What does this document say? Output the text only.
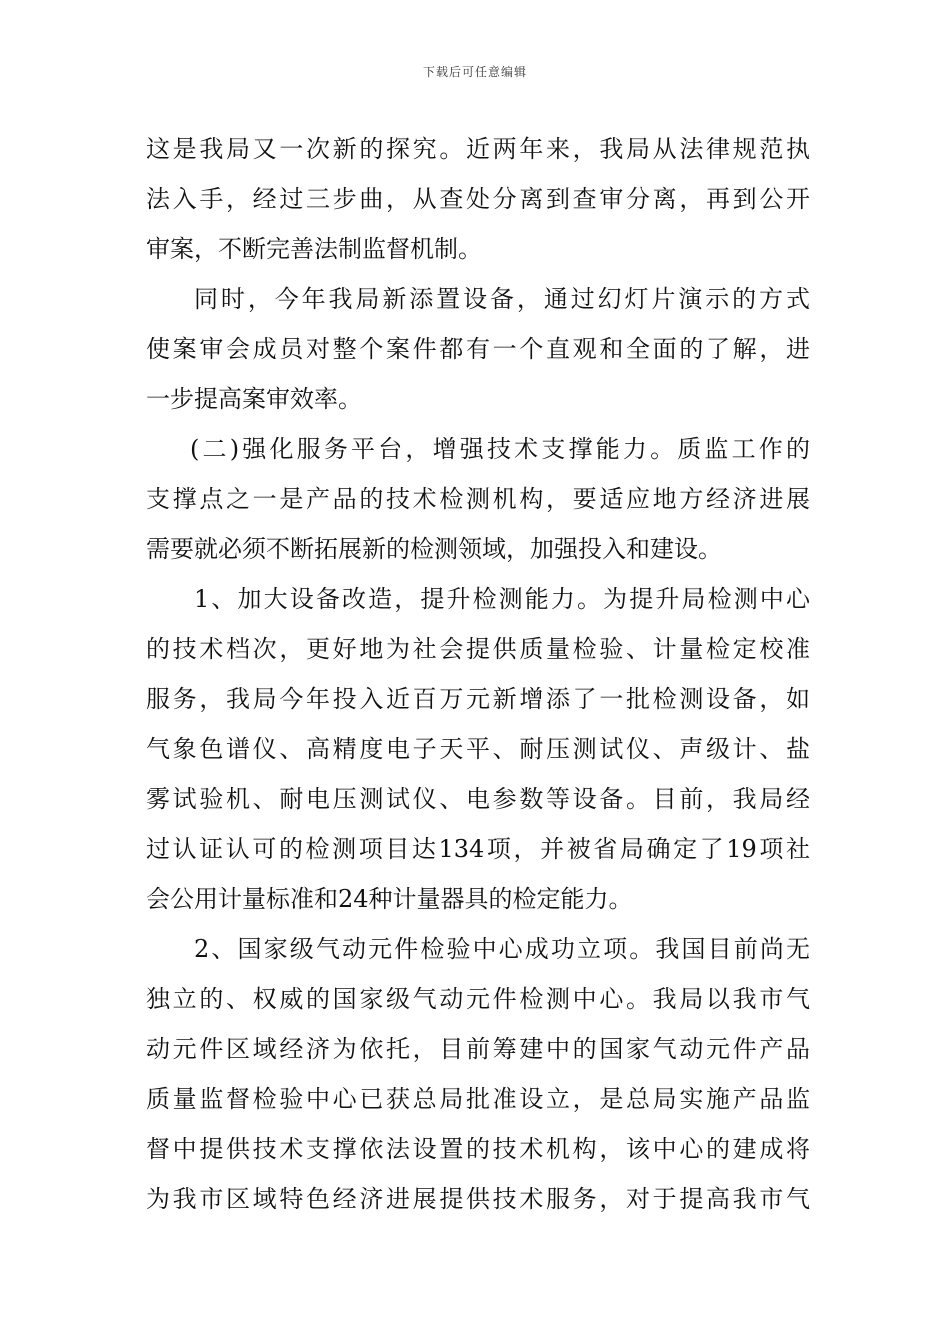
下载后可任意编辑
这是我局又一次新的探究。近两年来，我局从法律规范执
法入手，经过三步曲，从查处分离到查审分离，再到公开
审案，不断完善法制监督机制。
同时，今年我局新添置设备，通过幻灯片演示的方式
使案审会成员对整个案件都有一个直观和全面的了解，进
一步提高案审效率。
(二)强化服务平台，增强技术支撑能力。质监工作的
支撑点之一是产品的技术检测机构，要适应地方经济进展
需要就必须不断拓展新的检测领域，加强投入和建设。
1、加大设备改造，提升检测能力。为提升局检测中心
的技术档次，更好地为社会提供质量检验、计量检定校准
服务，我局今年投入近百万元新增添了一批检测设备，如
气象色谱仪、高精度电子天平、耐压测试仪、声级计、盐
雾试验机、耐电压测试仪、电参数等设备。目前，我局经
过认证认可的检测项目达134项，并被省局确定了19项社
会公用计量标准和24种计量器具的检定能力。
2、国家级气动元件检验中心成功立项。我国目前尚无
独立的、权威的国家级气动元件检测中心。我局以我市气
动元件区域经济为依托，目前筹建中的国家气动元件产品
质量监督检验中心已获总局批准设立，是总局实施产品监
督中提供技术支撑依法设置的技术机构，该中心的建成将
为我市区域特色经济进展提供技术服务，对于提高我市气
